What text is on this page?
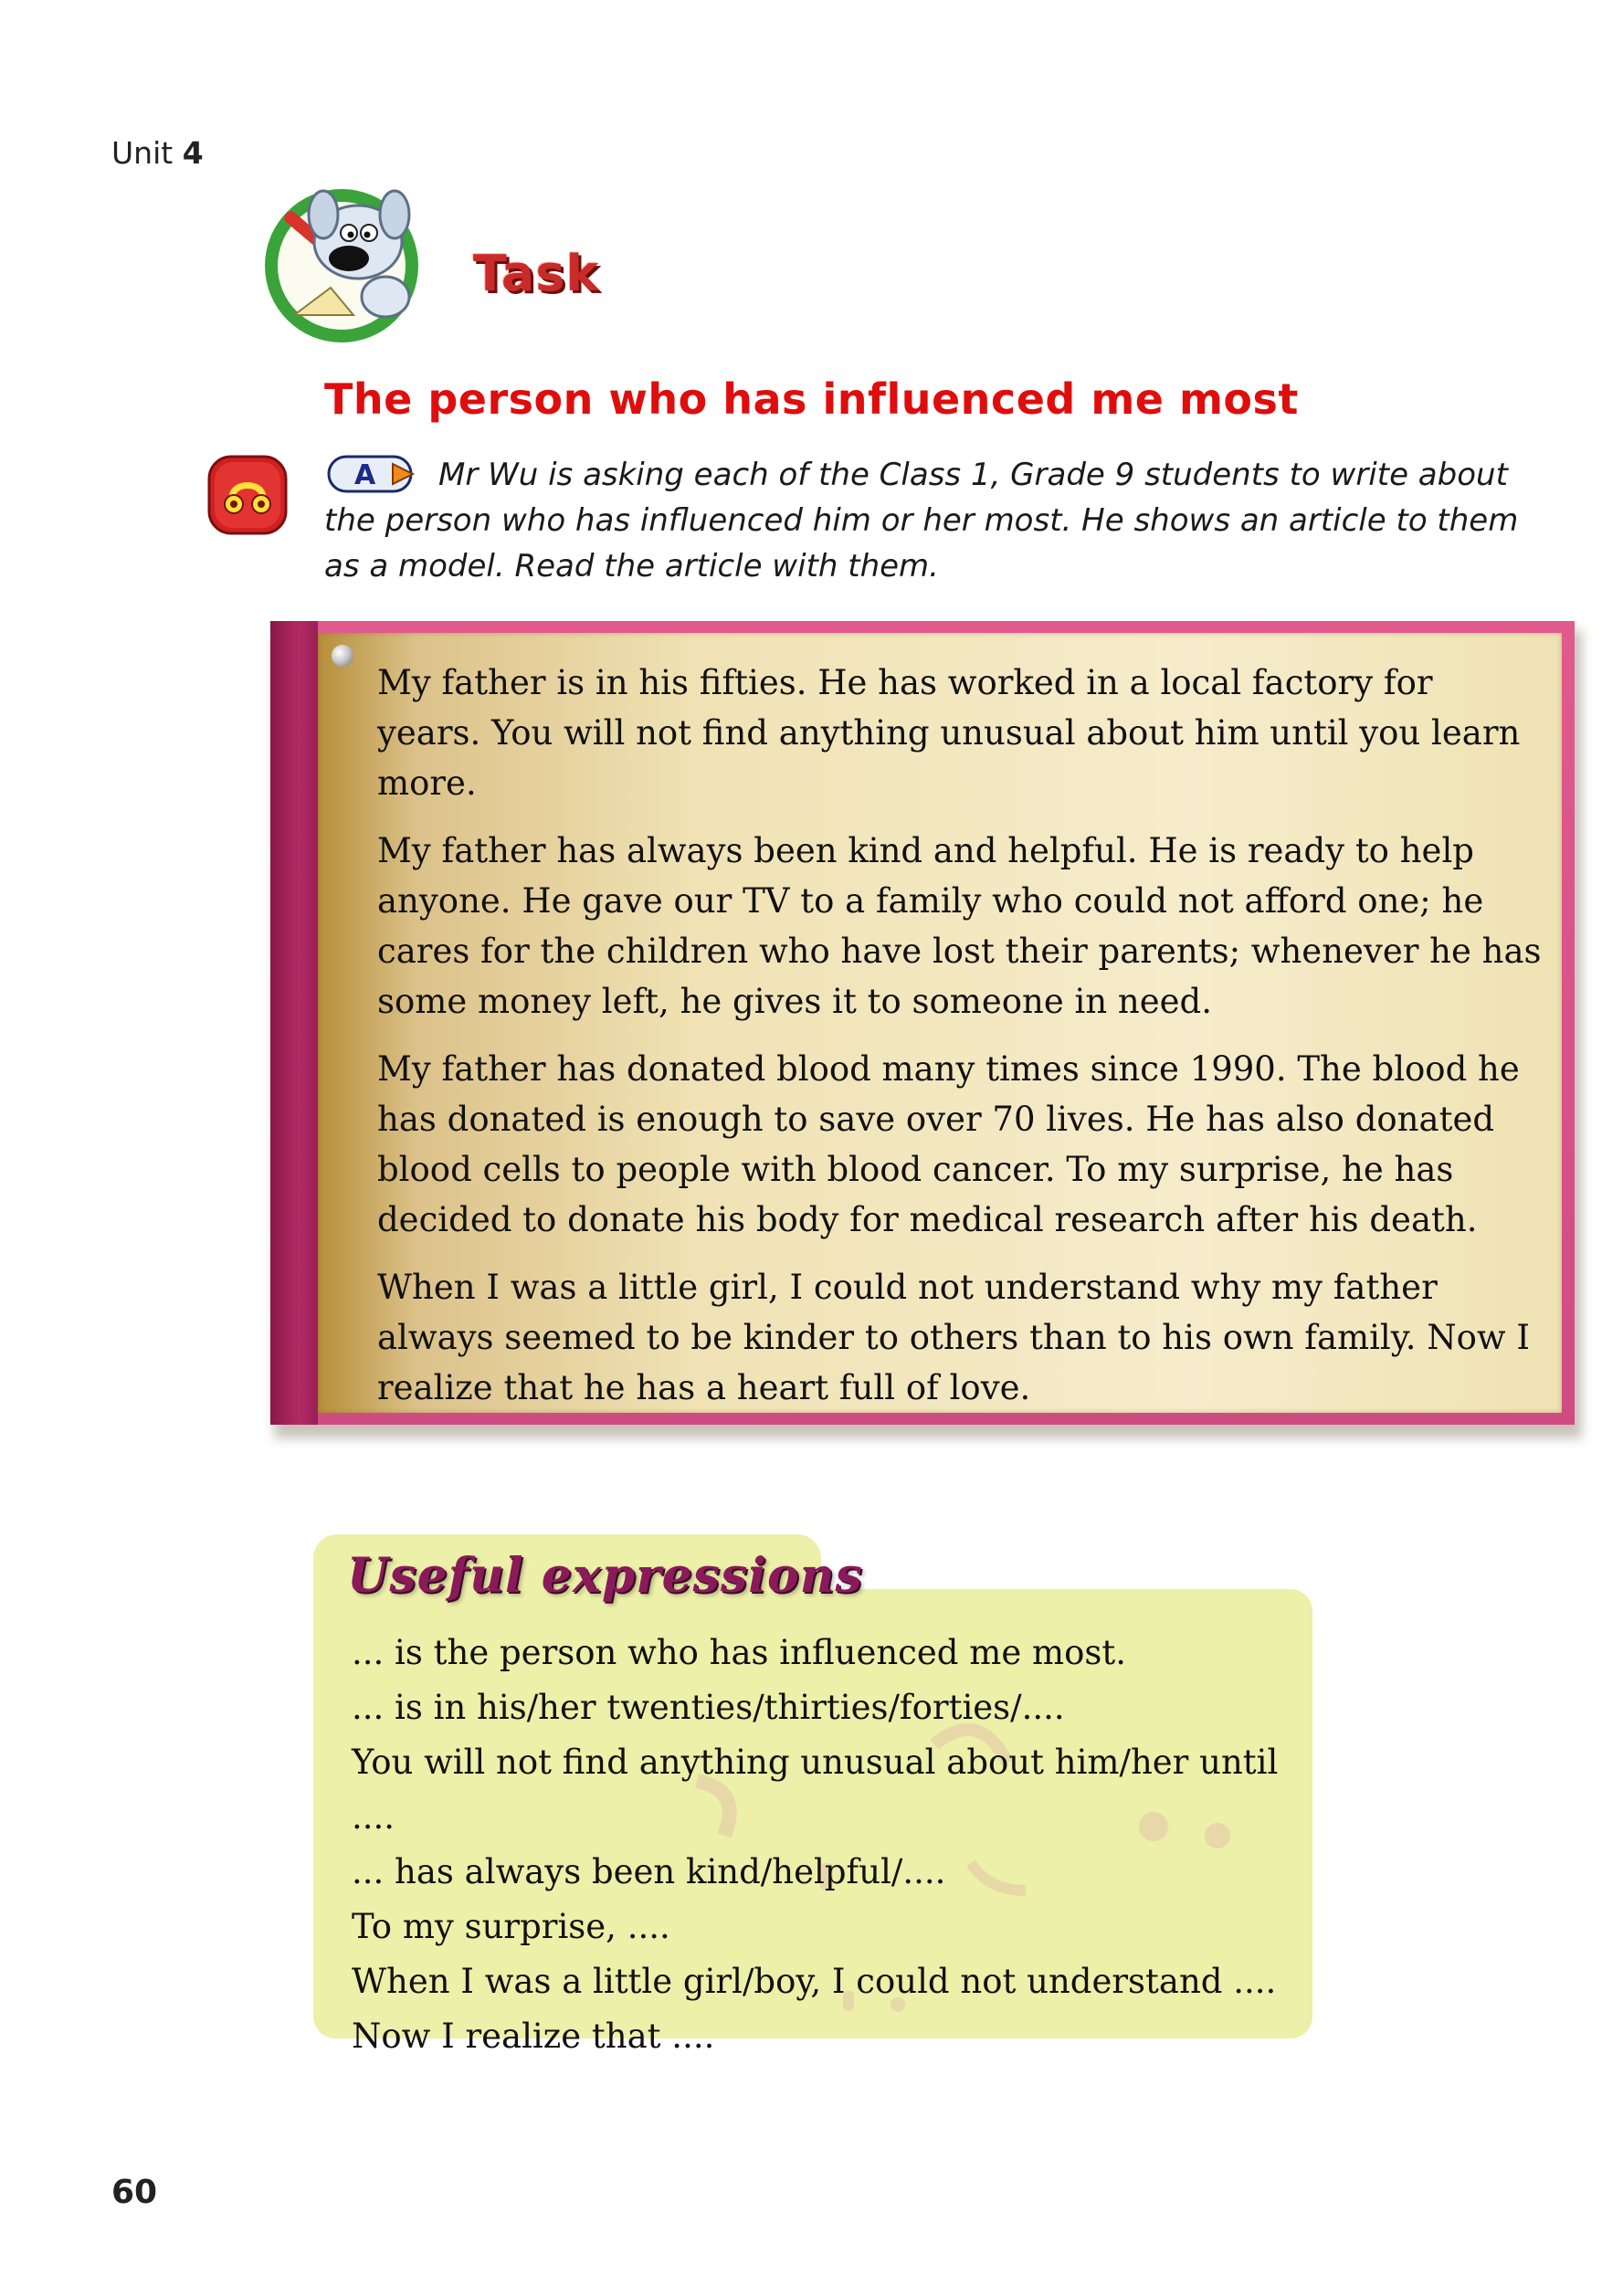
Unit 4
Task
The person who has influenced me most
A	Mr Wu is asking each of the Class 1, Grade 9 students to write about the person who has influenced him or her most. He shows an article to them as a model. Read the article with them.

My father is in his fifties. He has worked in a local factory for years. You will not find anything unusual about him until you learn more.

My father has always been kind and helpful. He is ready to help anyone. He gave our TV to a family who could not afford one; he cares for the children who have lost their parents; whenever he has some money left, he gives it to someone in need.

My father has donated blood many times since 1990. The blood he has donated is enough to save over 70 lives. He has also donated blood cells to people with blood cancer. To my surprise, he has decided to donate his body for medical research after his death.

When I was a little girl, I could not understand why my father always seemed to be kinder to others than to his own family. Now I realize that he has a heart full of love.

Useful expressions
... is the person who has influenced me most.
... is in his/her twenties/thirties/forties/....
You will not find anything unusual about him/her until ....
... has always been kind/helpful/....
To my surprise, ....
When I was a little girl/boy, I could not understand ....
Now I realize that ....
60
